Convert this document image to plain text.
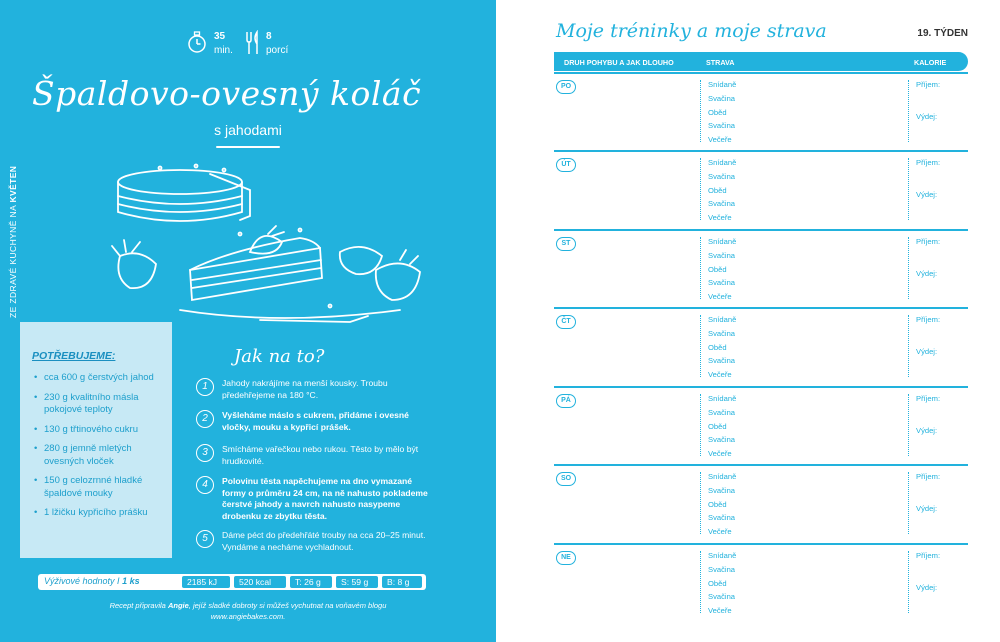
ZE ZDRAVÉ KUCHYNĚ NA KVĚTEN
35
min.
8
porcí
Špaldovo-ovesný koláč
s jahodami
POTŘEBUJEME:
• cca 600 g čerstvých jahod
• 230 g kvalitního másla pokojové teploty
• 130 g třtinového cukru
• 280 g jemně mletých ovesných vloček
• 150 g celozrnné hladké špaldové mouky
• 1 lžičku kypřicího prášku
Jak na to?
1	Jahody nakrájíme na menší kousky. Troubu předehřejeme na 180 °C.
2	Vyšleháme máslo s cukrem, přidáme i ovesné vločky, mouku a kypřicí prášek.
3	Smícháme vařečkou nebo rukou. Těsto by mělo být hrudkovité.
4	Polovinu těsta napěchujeme na dno vymazané formy o průměru 24 cm, na ně nahusto poklademe čerstvé jahody a navrch nahusto nasypeme drobenku ze zbytku těsta.
5	Dáme péct do předehřáté trouby na cca 20–25 minut. Vyndáme a necháme vychladnout.
Výživové hodnoty I 1 ks	2185 kJ	520 kcal	T: 26 g	S: 59 g	B: 8 g
Recept připravila Angie, jejíž sladké dobroty si můžeš vychutnat na voňavém blogu
www.angiebakes.com.
Moje tréninky a moje strava	19. TÝDEN
DRUH POHYBU A JAK DLOUHO	STRAVA	KALORIE
PO	Snídaně
Svačina
Oběd
Svačina
Večeře
Příjem:
Výdej:
ÚT	Snídaně
Svačina
Oběd
Svačina
Večeře
Příjem:
Výdej:
ST	Snídaně
Svačina
Oběd
Svačina
Večeře
Příjem:
Výdej:
ČT	Snídaně
Svačina
Oběd
Svačina
Večeře
Příjem:
Výdej:
PÁ	Snídaně
Svačina
Oběd
Svačina
Večeře
Příjem:
Výdej:
SO	Snídaně
Svačina
Oběd
Svačina
Večeře
Příjem:
Výdej:
NE	Snídaně
Svačina
Oběd
Svačina
Večeře
Příjem:
Výdej:
